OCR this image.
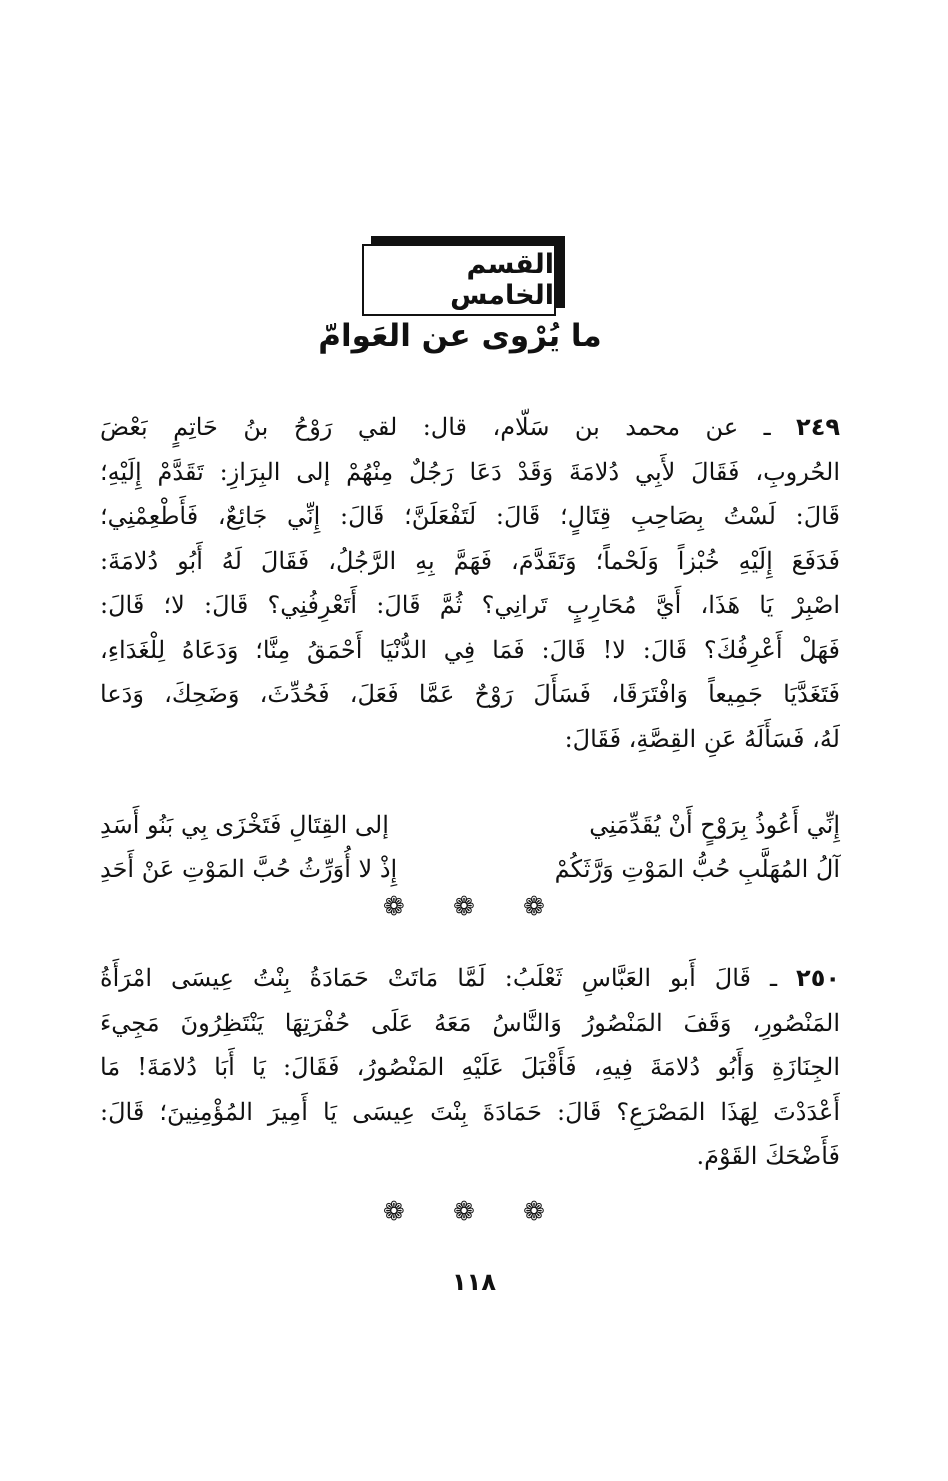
القسم الخامس
ما يُرْوى عن العَوامّ
٢٤٩ ـ عن محمد بن سَلّام، قال: لقي رَوْحُ بنُ حَاتِمٍ بَعْضَ
الحُروبِ، فَقَالَ لأَبِي دُلامَةَ وَقَدْ دَعَا رَجُلٌ مِنْهُمْ إلى البِرَازِ: تَقَدَّمْ إِلَيْهِ؛
قَالَ: لَسْتُ بِصَاحِبِ قِتَالٍ؛ قَالَ: لَتَفْعَلَنَّ؛ قَالَ: إِنِّي جَائِعٌ، فَأَطْعِمْنِي؛
فَدَفَعَ إِلَيْهِ خُبْزاً وَلَحْماً؛ وَتَقَدَّمَ، فَهَمَّ بِهِ الرَّجُلُ، فَقَالَ لَهُ أَبُو دُلامَةَ:
اصْبِرْ يَا هَذَا، أَيَّ مُحَارِبٍ تَرانِي؟ ثُمَّ قَالَ: أَتَعْرِفُنِي؟ قَالَ: لا؛ قَالَ:
فَهَلْ أَعْرِفُكَ؟ قَالَ: لا! قَالَ: فَمَا فِي الدُّنْيَا أَحْمَقُ مِنَّا؛ وَدَعَاهُ لِلْغَدَاءِ،
فَتَغَدَّيَا جَمِيعاً وَافْتَرَقَا، فَسَأَلَ رَوْحٌ عَمَّا فَعَلَ، فَحُدِّثَ، وَضَحِكَ، وَدَعا
لَهُ، فَسَأَلَهُ عَنِ القِصَّةِ، فَقَالَ:
إِنِّي أَعُوذُ بِرَوْحٍ أَنْ يُقَدِّمَنِي
إلى القِتَالِ فَتَخْزَى بِي بَنُو أَسَدِ
آلُ المُهَلَّبِ حُبُّ المَوْتِ وَرَّثَكُمْ
إِذْ لا أُوَرِّثُ حُبَّ المَوْتِ عَنْ أَحَدِ
❁ ❁ ❁
٢٥٠ ـ قَالَ أَبو العَبَّاسِ ثَعْلَبُ: لَمَّا مَاتَتْ حَمَادَةُ بِنْتُ عِيسَى امْرَأَةُ
المَنْصُورِ، وَقَفَ المَنْصُورُ وَالنَّاسُ مَعَهُ عَلَى حُفْرَتِهَا يَنْتَظِرُونَ مَجِيءَ
الجِنَازَةِ وَأَبُو دُلامَةَ فِيهِ، فَأَقْبَلَ عَلَيْهِ المَنْصُورُ، فَقَالَ: يَا أَبَا دُلامَةَ! مَا
أَعْدَدْتَ لِهَذَا المَصْرَعِ؟ قَالَ: حَمَادَةَ بِنْتَ عِيسَى يَا أَمِيرَ المُؤْمِنِينَ؛ قَالَ:
فَأَضْحَكَ القَوْمَ.
❁ ❁ ❁
١١٨
